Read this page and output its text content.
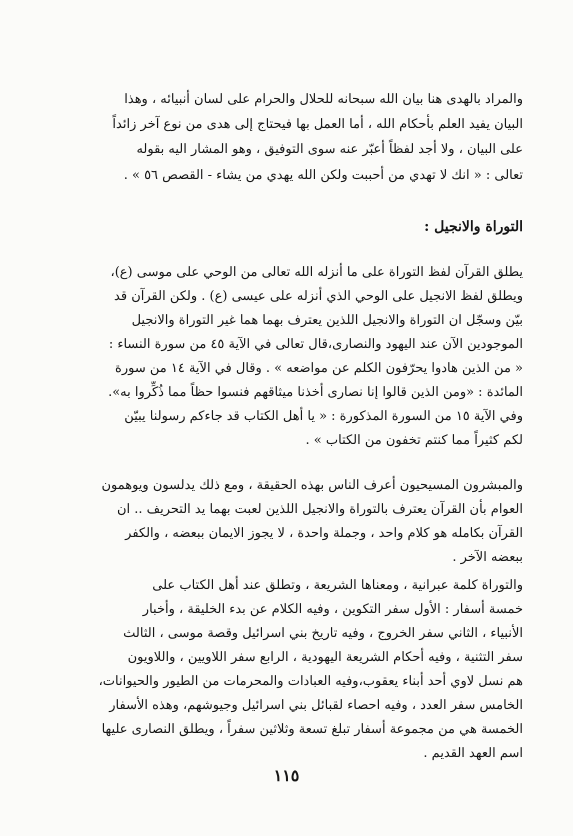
والمراد بالهدى هنا بيان الله سبحانه للحلال والحرام على لسان أنبيائه ، وهذا
البيان يفيد العلم بأحكام الله ، أما العمل بها فيحتاج إلى هدى من نوع آخر زائداً
على البيان ، ولا أجد لفظاً أعبّر عنه سوى التوفيق ، وهو المشار اليه بقوله
تعالى : « انك لا تهدي من أحببت ولكن الله يهدي من يشاء - القصص ٥٦ » .
التوراة والانجيل :
يطلق القرآن لفظ التوراة على ما أنزله الله تعالى من الوحي على موسى (ع)،
ويطلق لفظ الانجيل على الوحي الذي أنزله على عيسى (ع) . ولكن القرآن قد
بيّن وسجّل ان التوراة والانجيل اللذين يعترف بهما هما غير التوراة والانجيل
الموجودين الآن عند اليهود والنصارى،قال تعالى في الآية ٤٥ من سورة النساء :
« من الذين هادوا يحرّفون الكلم عن مواضعه » . وقال في الآية ١٤ من سورة
المائدة : «ومن الذين قالوا إنا نصارى أخذنا ميثاقهم فنسوا حظاً مما ذُكِّروا به».
وفي الآية ١٥ من السورة المذكورة : « يا أهل الكتاب قد جاءكم رسولنا يبيّن
لكم كثيراً مما كنتم تخفون من الكتاب » .
والمبشرون المسيحيون أعرف الناس بهذه الحقيقة ، ومع ذلك يدلسون ويوهمون
العوام بأن القرآن يعترف بالتوراة والانجيل اللذين لعبت بهما يد التحريف .. ان
القرآن بكامله هو كلام واحد ، وجملة واحدة ، لا يجوز الايمان ببعضه ، والكفر
ببعضه الآخر .
والتوراة كلمة عبرانية ، ومعناها الشريعة ، وتطلق عند أهل الكتاب على
خمسة أسفار : الأول سفر التكوين ، وفيه الكلام عن بدء الخليقة ، وأخبار
الأنبياء ، الثاني سفر الخروج ، وفيه تاريخ بني اسرائيل وقصة موسى ، الثالث
سفر التثنية ، وفيه أحكام الشريعة اليهودية ، الرابع سفر اللاويين ، واللاويون
هم نسل لاوي أحد أبناء يعقوب،وفيه العبادات والمحرمات من الطيور والحيوانات،
الخامس سفر العدد ، وفيه احصاء لقبائل بني اسرائيل وجيوشهم، وهذه الأسفار
الخمسة هي من مجموعة أسفار تبلغ تسعة وثلاثين سفراً ، ويطلق النصارى عليها
اسم العهد القديم .
١١٥
